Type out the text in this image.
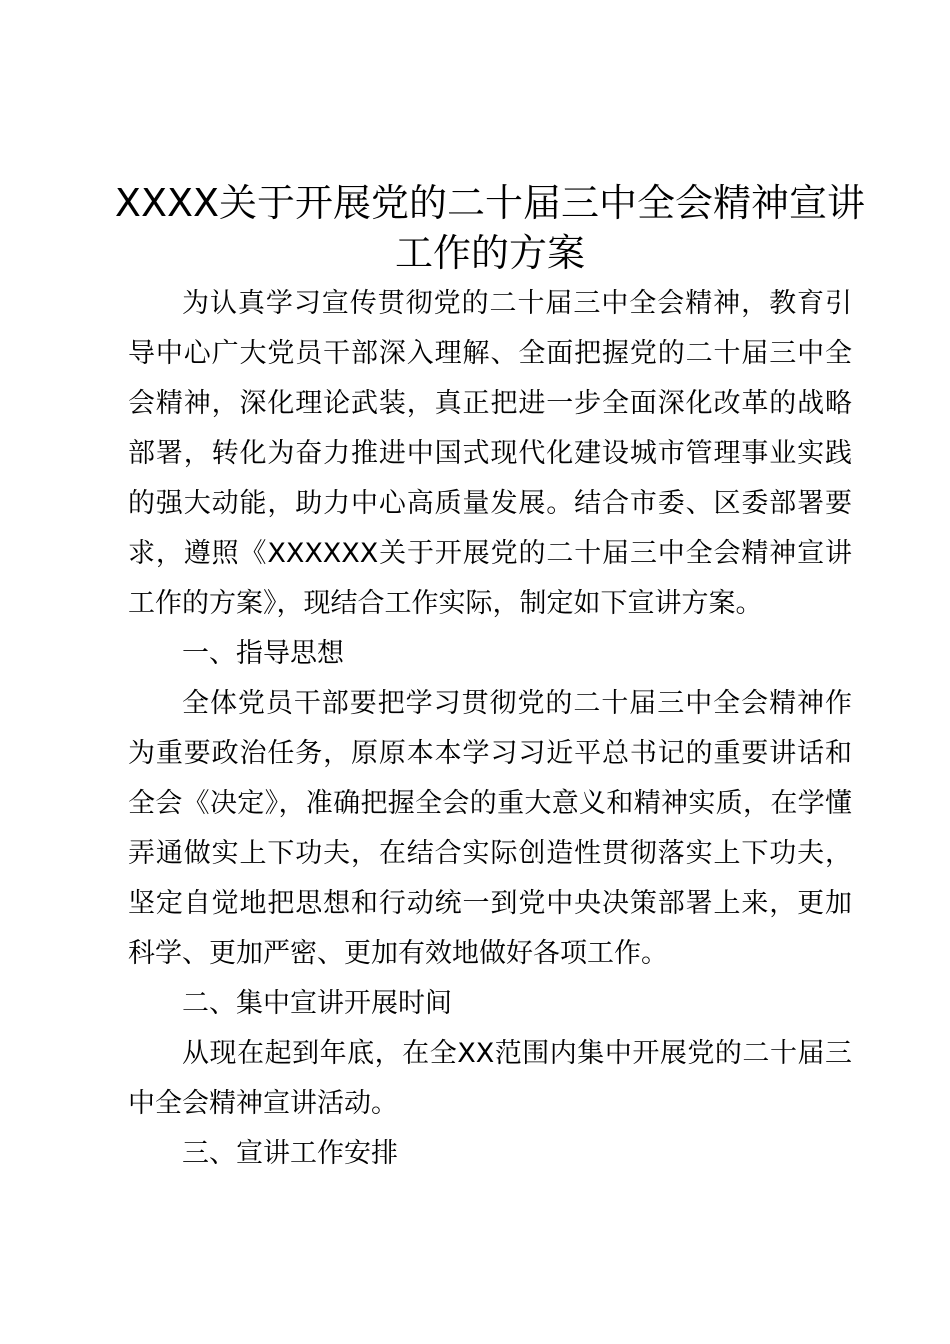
XXXX关于开展党的二十届三中全会精神宣讲工作的方案

为认真学习宣传贯彻党的二十届三中全会精神，教育引导中心广大党员干部深入理解、全面把握党的二十届三中全会精神，深化理论武装，真正把进一步全面深化改革的战略部署，转化为奋力推进中国式现代化建设城市管理事业实践的强大动能，助力中心高质量发展。结合市委、区委部署要求，遵照《XXXXXX关于开展党的二十届三中全会精神宣讲工作的方案》，现结合工作实际，制定如下宣讲方案。

一、指导思想

全体党员干部要把学习贯彻党的二十届三中全会精神作为重要政治任务，原原本本学习习近平总书记的重要讲话和全会《决定》，准确把握全会的重大意义和精神实质，在学懂弄通做实上下功夫，在结合实际创造性贯彻落实上下功夫，坚定自觉地把思想和行动统一到党中央决策部署上来，更加科学、更加严密、更加有效地做好各项工作。

二、集中宣讲开展时间

从现在起到年底，在全XX范围内集中开展党的二十届三中全会精神宣讲活动。

三、宣讲工作安排
